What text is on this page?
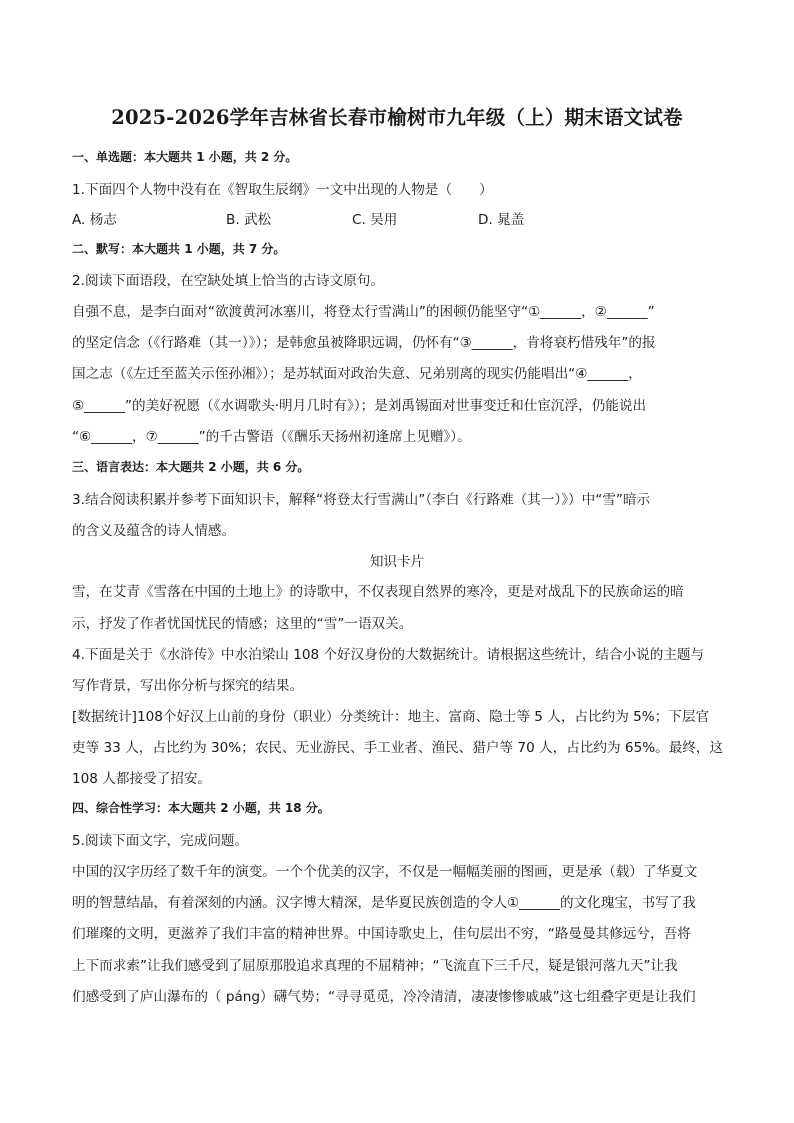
2025-2026学年吉林省长春市榆树市九年级（上）期末语文试卷
一、单选题：本大题共 1 小题，共 2 分。
1.下面四个人物中没有在《智取生辰纲》一文中出现的人物是（　　）
A. 杨志	B. 武松	C. 吴用	D. 晁盖
二、默写：本大题共 1 小题，共 7 分。
2.阅读下面语段，在空缺处填上恰当的古诗文原句。
自强不息，是李白面对“欲渡黄河冰塞川，将登太行雪满山”的困顿仍能坚守“①______，②______”
的坚定信念（《行路难（其一）》）；是韩愈虽被降职远调，仍怀有“③______，肯将衰朽惜残年”的报
国之志（《左迁至蓝关示侄孙湘》）；是苏轼面对政治失意、兄弟别离的现实仍能唱出“④______，
⑤______”的美好祝愿（《水调歌头·明月几时有》）；是刘禹锡面对世事变迁和仕宦沉浮，仍能说出
“⑥______，⑦______”的千古警语（《酬乐天扬州初逢席上见赠》）。
三、语言表达：本大题共 2 小题，共 6 分。
3.结合阅读积累并参考下面知识卡，解释“将登太行雪满山”（李白《行路难（其一）》）中“雪”暗示
的含义及蕴含的诗人情感。
知识卡片
雪，在艾青《雪落在中国的土地上》的诗歌中，不仅表现自然界的寒冷，更是对战乱下的民族命运的暗
示，抒发了作者忧国忧民的情感；这里的“雪”一语双关。
4.下面是关于《水浒传》中水泊梁山 108 个好汉身份的大数据统计。请根据这些统计，结合小说的主题与
写作背景，写出你分析与探究的结果。
[数据统计]108个好汉上山前的身份（职业）分类统计：地主、富商、隐士等 5 人，占比约为 5%；下层官
吏等 33 人，占比约为 30%；农民、无业游民、手工业者、渔民、猎户等 70 人，占比约为 65%。最终，这
108 人都接受了招安。
四、综合性学习：本大题共 2 小题，共 18 分。
5.阅读下面文字，完成问题。
中国的汉字历经了数千年的演变。一个个优美的汉字，不仅是一幅幅美丽的图画，更是承（载）了华夏文
明的智慧结晶，有着深刻的内涵。汉字博大精深，是华夏民族创造的令人①______的文化瑰宝，书写了我
们璀璨的文明，更滋养了我们丰富的精神世界。中国诗歌史上，佳句层出不穷，“路曼曼其修远兮，吾将
上下而求索”让我们感受到了屈原那股追求真理的不屈精神；“飞流直下三千尺，疑是银河落九天”让我
们感受到了庐山瀑布的（ páng）礴气势；“寻寻觅觅，冷冷清清，凄凄惨惨戚戚”这七组叠字更是让我们
